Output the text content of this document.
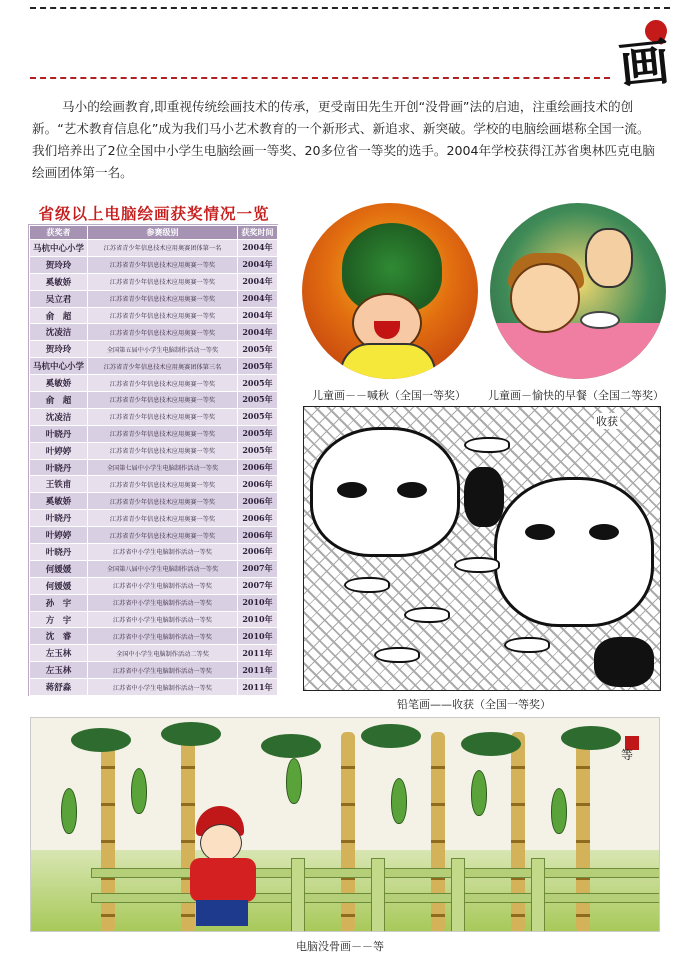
画

马小的绘画教育,即重视传统绘画技术的传承，更受南田先生开创“没骨画”法的启迪，注重绘画技术的创新。“艺术教育信息化”成为我们马小艺术教育的一个新形式、新追求、新突破。学校的电脑绘画堪称全国一流。我们培养出了2位全国中小学生电脑绘画一等奖、20多位省一等奖的选手。2004年学校获得江苏省奥林匹克电脑绘画团体第一名。

省级以上电脑绘画获奖情况一览
获奖者	参赛级别	获奖时间
马杭中心小学	江苏省青少年信息技术应用奥赛团体第一名	2004年
贺玲玲	江苏省青少年信息技术应用奥赛一等奖	2004年
奚敏娇	江苏省青少年信息技术应用奥赛一等奖	2004年
吴立君	江苏省青少年信息技术应用奥赛一等奖	2004年
俞　超	江苏省青少年信息技术应用奥赛一等奖	2004年
沈凌洁	江苏省青少年信息技术应用奥赛一等奖	2004年
贺玲玲	全国第五届中小学生电脑制作活动一等奖	2005年
马杭中心小学	江苏省青少年信息技术应用奥赛团体第三名	2005年
奚敏娇	江苏省青少年信息技术应用奥赛一等奖	2005年
俞　超	江苏省青少年信息技术应用奥赛一等奖	2005年
沈凌洁	江苏省青少年信息技术应用奥赛一等奖	2005年
叶晓丹	江苏省青少年信息技术应用奥赛一等奖	2005年
叶婷婷	江苏省青少年信息技术应用奥赛一等奖	2005年
叶晓丹	全国第七届中小学生电脑制作活动一等奖	2006年
王铁甫	江苏省青少年信息技术应用奥赛一等奖	2006年
奚敏娇	江苏省青少年信息技术应用奥赛一等奖	2006年
叶晓丹	江苏省青少年信息技术应用奥赛一等奖	2006年
叶婷婷	江苏省青少年信息技术应用奥赛一等奖	2006年
叶晓丹	江苏省中小学生电脑制作活动一等奖	2006年
何媛媛	全国第八届中小学生电脑制作活动一等奖	2007年
何媛媛	江苏省中小学生电脑制作活动一等奖	2007年
孙　宇	江苏省中小学生电脑制作活动一等奖	2010年
方　宇	江苏省中小学生电脑制作活动一等奖	2010年
沈　睿	江苏省中小学生电脑制作活动一等奖	2010年
左玉林	全国中小学生电脑制作活动二等奖	2011年
左玉林	江苏省中小学生电脑制作活动一等奖	2011年
蒋舒淼	江苏省中小学生电脑制作活动一等奖	2011年
儿童画－－喊秋（全国一等奖） 儿童画－愉快的早餐（全国二等奖）
收获
铅笔画——收获（全国一等奖）
等
电脑没骨画－－等
